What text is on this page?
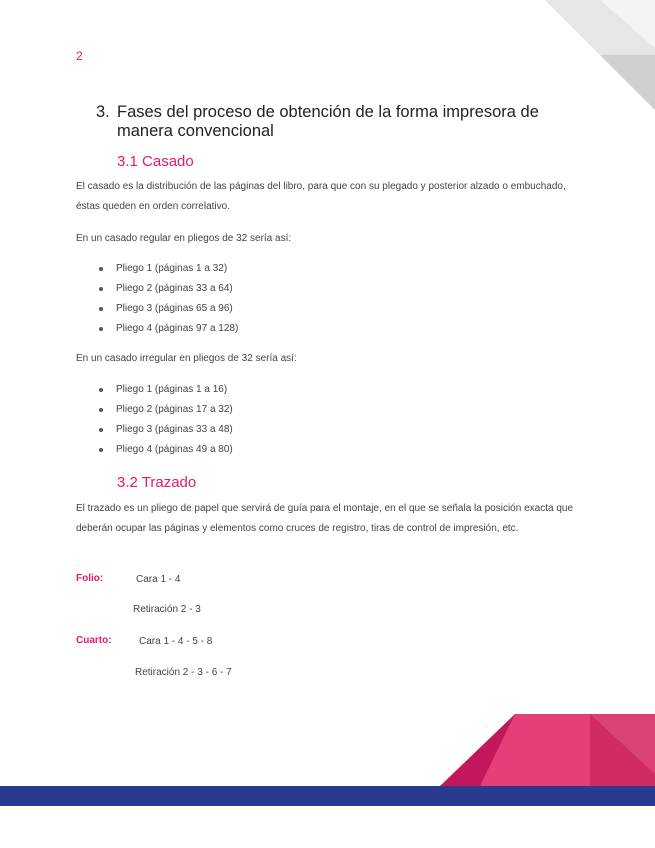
2
3. Fases del proceso de obtención de la forma impresora de manera convencional
3.1 Casado

El casado es la distribución de las páginas del libro, para que con su plegado y posterior alzado o embuchado, éstas queden en orden correlativo.

En un casado regular en pliegos de 32 sería así:

Pliego 1 (páginas 1 a 32)
Pliego 2 (páginas 33 a 64)
Pliego 3 (páginas 65 a 96)
Pliego 4 (páginas 97 a 128)

En un casado irregular en pliegos de 32 sería así:

Pliego 1 (páginas 1 a 16)
Pliego 2 (páginas 17 a 32)
Pliego 3 (páginas 33 a 48)
Pliego 4 (páginas 49 a 80)
3.2 Trazado

El trazado es un pliego de papel que servirá de guía para el montaje, en el que se señala la posición exacta que deberán ocupar las páginas y elementos como cruces de registro, tiras de control de impresión, etc.

Folio:	Cara 1 - 4
Retiración 2 - 3
Cuarto:	Cara 1 - 4 - 5 - 8
Retiración 2 - 3 - 6 - 7
